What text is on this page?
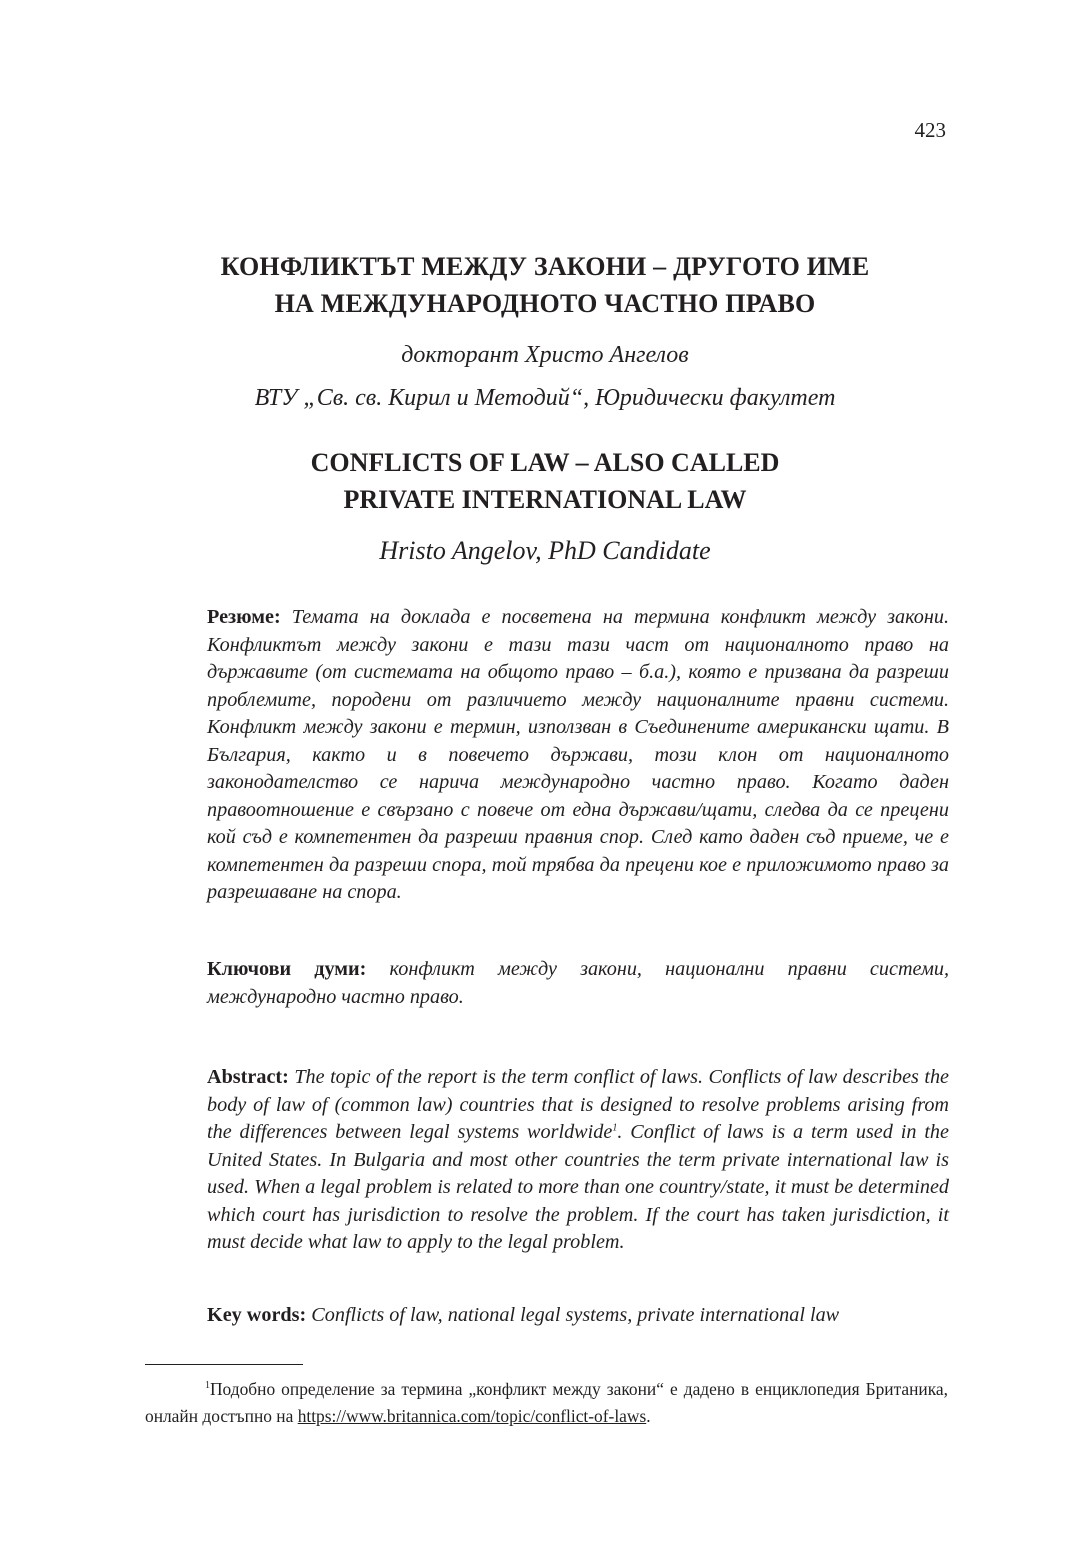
423
КОНФЛИКТЪТ МЕЖДУ ЗАКОНИ – ДРУГОТО ИМЕ
НА МЕЖДУНАРОДНОТО ЧАСТНО ПРАВО
докторант Христо Ангелов
ВТУ „Св. св. Кирил и Методий“, Юридически факултет
CONFLICTS OF LAW – ALSO CALLED
PRIVATE INTERNATIONAL LAW
Hristo Angelov, PhD Candidate
Резюме: Темата на доклада е посветена на термина конфликт между закони. Конфликтът между закони е тази тази част от националното право на държавите (от системата на общото право – б.а.), която е призвана да разреши проблемите, породени от различието между националните правни системи. Конфликт между закони е термин, използван в Съединените американски щати. В България, както и в повечето държави, този клон от националното законодателство се нарича международно частно право. Когато даден правоотношение е свързано с повече от една държави/щати, следва да се прецени кой съд е компетентен да разреши правния спор. След като даден съд приеме, че е компетентен да разреши спора, той трябва да прецени кое е приложимото право за разрешаване на спора.
Ключови думи: конфликт между закони, национални правни системи, международно частно право.
Abstract: The topic of the report is the term conflict of laws. Conflicts of law describes the body of law of (common law) countries that is designed to resolve problems arising from the differences between legal systems worldwide$^1$. Conflict of laws is a term used in the United States. In Bulgaria and most other countries the term private international law is used. When a legal problem is related to more than one country/state, it must be determined which court has jurisdiction to resolve the problem. If the court has taken jurisdiction, it must decide what law to apply to the legal problem.
Key words: Conflicts of law, national legal systems, private international law
$^1$Подобно определение за термина „конфликт между закони“ е дадено в енциклопедия Британика, онлайн достъпно на https://www.britannica.com/topic/conflict-of-laws.
